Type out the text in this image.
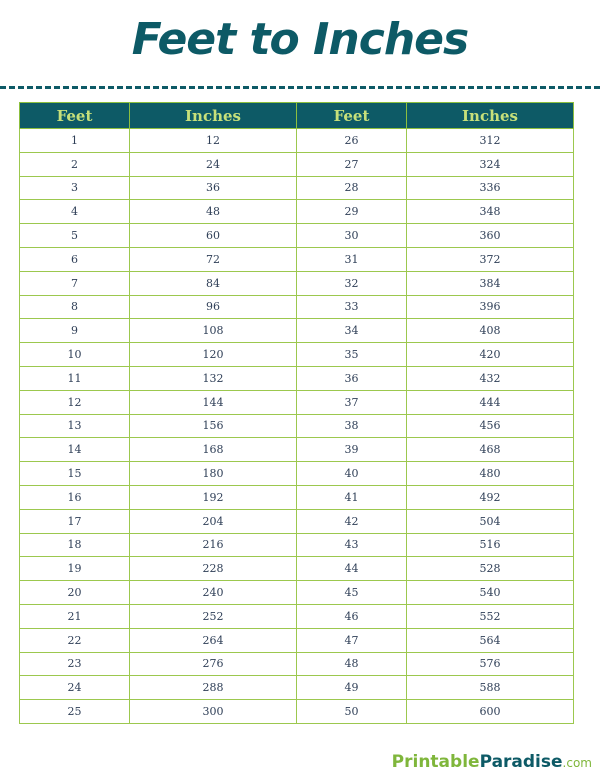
Feet to Inches
Feet	Inches	Feet	Inches
1	12	26	312
2	24	27	324
3	36	28	336
4	48	29	348
5	60	30	360
6	72	31	372
7	84	32	384
8	96	33	396
9	108	34	408
10	120	35	420
11	132	36	432
12	144	37	444
13	156	38	456
14	168	39	468
15	180	40	480
16	192	41	492
17	204	42	504
18	216	43	516
19	228	44	528
20	240	45	540
21	252	46	552
22	264	47	564
23	276	48	576
24	288	49	588
25	300	50	600
PrintableParadise.com
